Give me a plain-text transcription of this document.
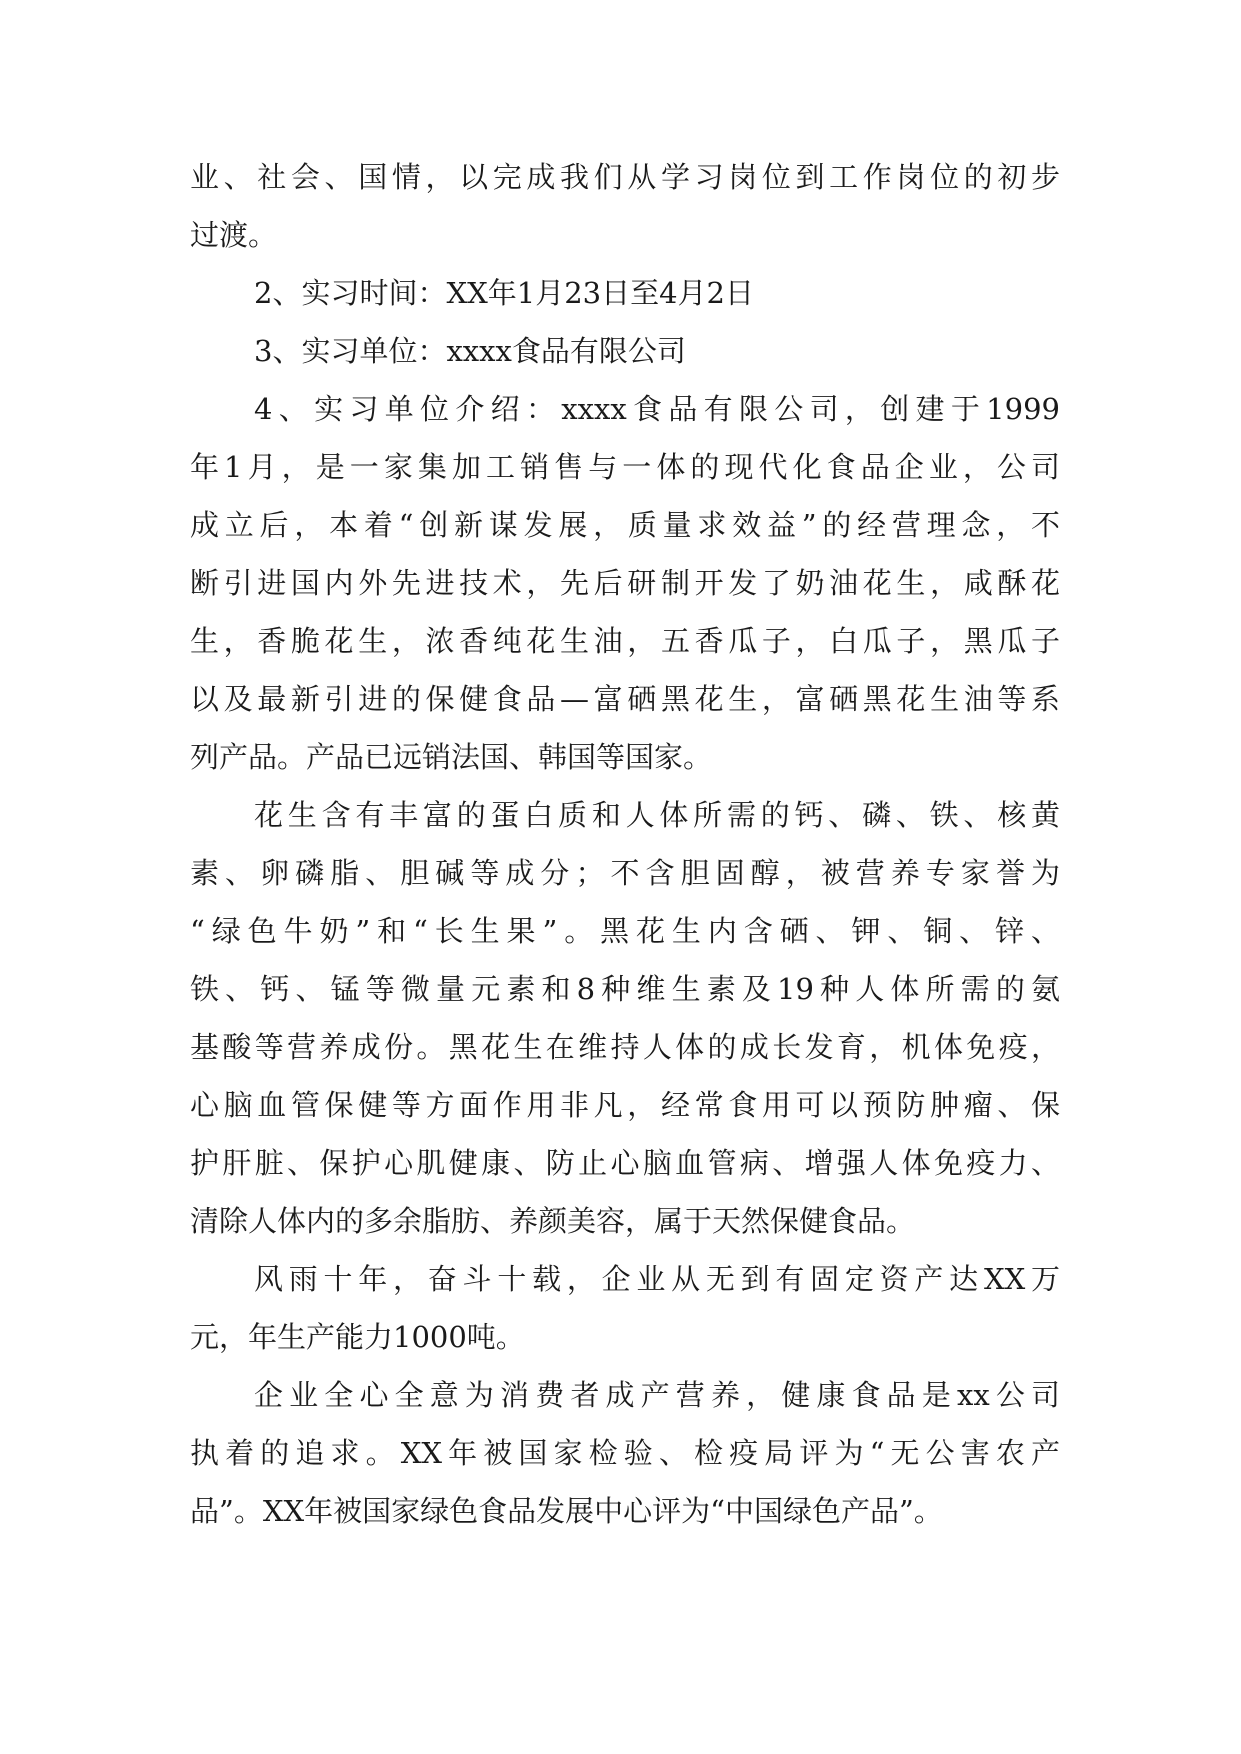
业、社会、国情，以完成我们从学习岗位到工作岗位的初步
过渡。
2、实习时间：XX年1月23日至4月2日
3、实习单位：xxxx食品有限公司
4、实习单位介绍：xxxx食品有限公司，创建于1999
年1月，是一家集加工销售与一体的现代化食品企业，公司
成立后，本着“创新谋发展，质量求效益”的经营理念，不
断引进国内外先进技术，先后研制开发了奶油花生，咸酥花
生，香脆花生，浓香纯花生油，五香瓜子，白瓜子，黑瓜子
以及最新引进的保健食品—富硒黑花生，富硒黑花生油等系
列产品。产品已远销法国、韩国等国家。
花生含有丰富的蛋白质和人体所需的钙、磷、铁、核黄
素、卵磷脂、胆碱等成分；不含胆固醇，被营养专家誉为
“绿色牛奶”和“长生果”。黑花生内含硒、钾、铜、锌、
铁、钙、锰等微量元素和8种维生素及19种人体所需的氨
基酸等营养成份。黑花生在维持人体的成长发育，机体免疫，
心脑血管保健等方面作用非凡，经常食用可以预防肿瘤、保
护肝脏、保护心肌健康、防止心脑血管病、增强人体免疫力、
清除人体内的多余脂肪、养颜美容，属于天然保健食品。
风雨十年，奋斗十载，企业从无到有固定资产达XX万
元，年生产能力1000吨。
企业全心全意为消费者成产营养，健康食品是xx公司
执着的追求。XX年被国家检验、检疫局评为“无公害农产
品”。XX年被国家绿色食品发展中心评为“中国绿色产品”。
